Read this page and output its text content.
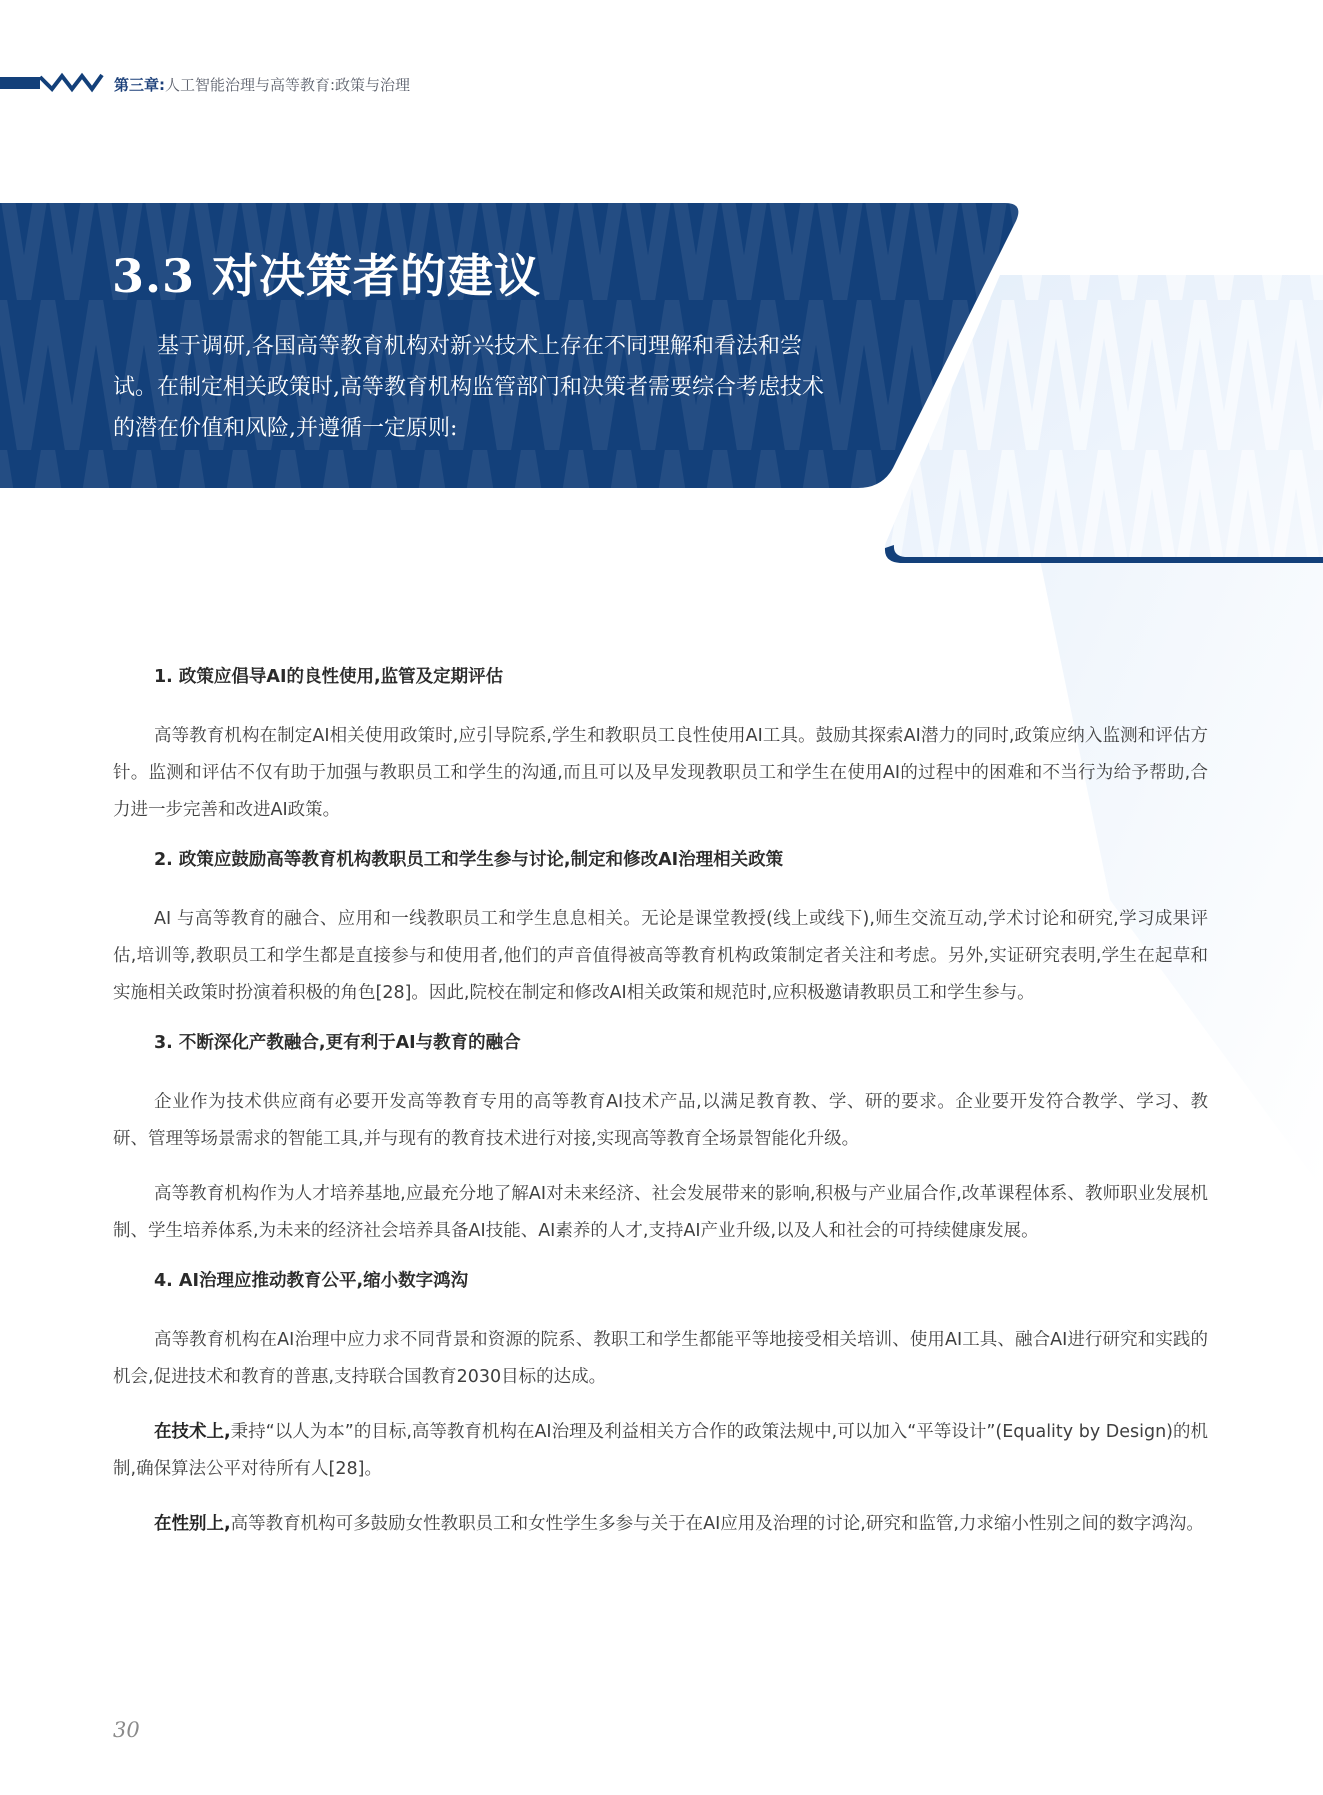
第三章:人工智能治理与高等教育:政策与治理
3.3 对决策者的建议

基于调研,各国高等教育机构对新兴技术上存在不同理解和看法和尝试。在制定相关政策时,高等教育机构监管部门和决策者需要综合考虑技术的潜在价值和风险,并遵循一定原则:

1. 政策应倡导AI的良性使用,监管及定期评估

高等教育机构在制定AI相关使用政策时,应引导院系,学生和教职员工良性使用AI工具。鼓励其探索AI潜力的同时,政策应纳入监测和评估方针。监测和评估不仅有助于加强与教职员工和学生的沟通,而且可以及早发现教职员工和学生在使用AI的过程中的困难和不当行为给予帮助,合力进一步完善和改进AI政策。

2. 政策应鼓励高等教育机构教职员工和学生参与讨论,制定和修改AI治理相关政策

AI 与高等教育的融合、应用和一线教职员工和学生息息相关。无论是课堂教授(线上或线下),师生交流互动,学术讨论和研究,学习成果评估,培训等,教职员工和学生都是直接参与和使用者,他们的声音值得被高等教育机构政策制定者关注和考虑。另外,实证研究表明,学生在起草和实施相关政策时扮演着积极的角色[28]。因此,院校在制定和修改AI相关政策和规范时,应积极邀请教职员工和学生参与。

3. 不断深化产教融合,更有利于AI与教育的融合

企业作为技术供应商有必要开发高等教育专用的高等教育AI技术产品,以满足教育教、学、研的要求。企业要开发符合教学、学习、教研、管理等场景需求的智能工具,并与现有的教育技术进行对接,实现高等教育全场景智能化升级。

高等教育机构作为人才培养基地,应最充分地了解AI对未来经济、社会发展带来的影响,积极与产业届合作,改革课程体系、教师职业发展机制、学生培养体系,为未来的经济社会培养具备AI技能、AI素养的人才,支持AI产业升级,以及人和社会的可持续健康发展。

4. AI治理应推动教育公平,缩小数字鸿沟

高等教育机构在AI治理中应力求不同背景和资源的院系、教职工和学生都能平等地接受相关培训、使用AI工具、融合AI进行研究和实践的机会,促进技术和教育的普惠,支持联合国教育2030目标的达成。

在技术上,秉持“以人为本”的目标,高等教育机构在AI治理及利益相关方合作的政策法规中,可以加入“平等设计”(Equality by Design)的机制,确保算法公平对待所有人[28]。

在性别上,高等教育机构可多鼓励女性教职员工和女性学生多参与关于在AI应用及治理的讨论,研究和监管,力求缩小性别之间的数字鸿沟。

30
